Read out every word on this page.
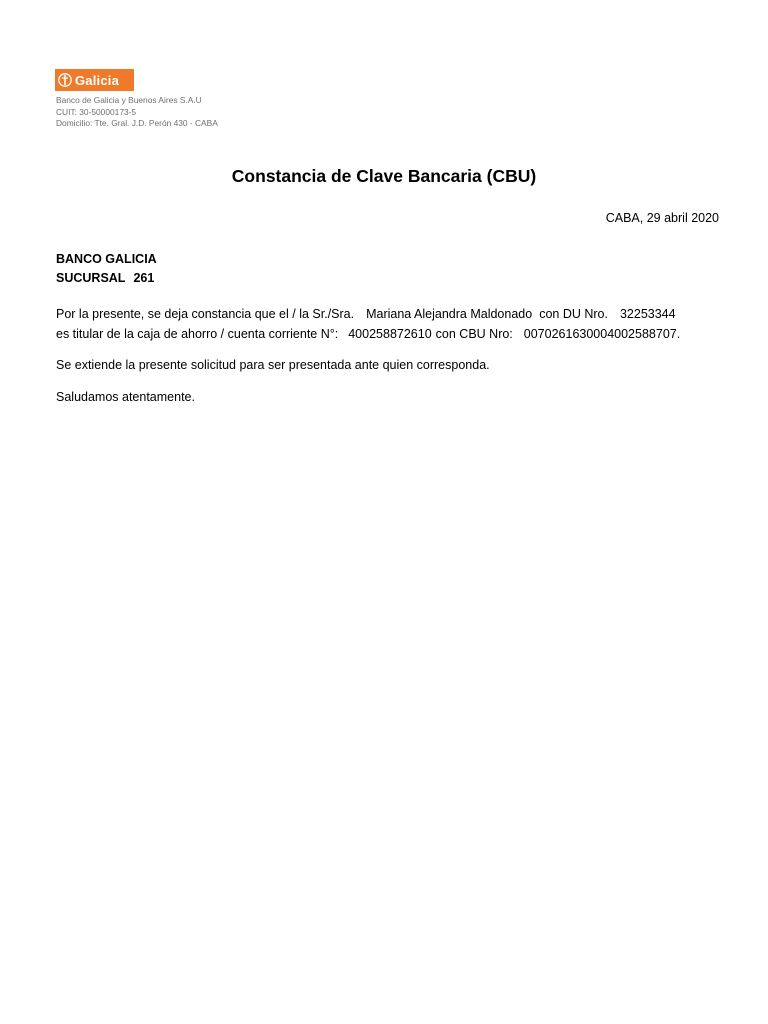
Galicia
Banco de Galicia y Buenos Aires S.A.U
CUIT: 30-50000173-5
Domicilio: Tte. Gral. J.D. Perón 430 - CABA
Constancia de Clave Bancaria (CBU)
CABA, 29 abril 2020
BANCO GALICIA
SUCURSAL 261
Por la presente, se deja constancia que el / la Sr./Sra. Mariana Alejandra Maldonado con DU Nro. 32253344
es titular de la caja de ahorro / cuenta corriente N°: 400258872610 con CBU Nro: 0070261630004002588707.
Se extiende la presente solicitud para ser presentada ante quien corresponda.
Saludamos atentamente.
